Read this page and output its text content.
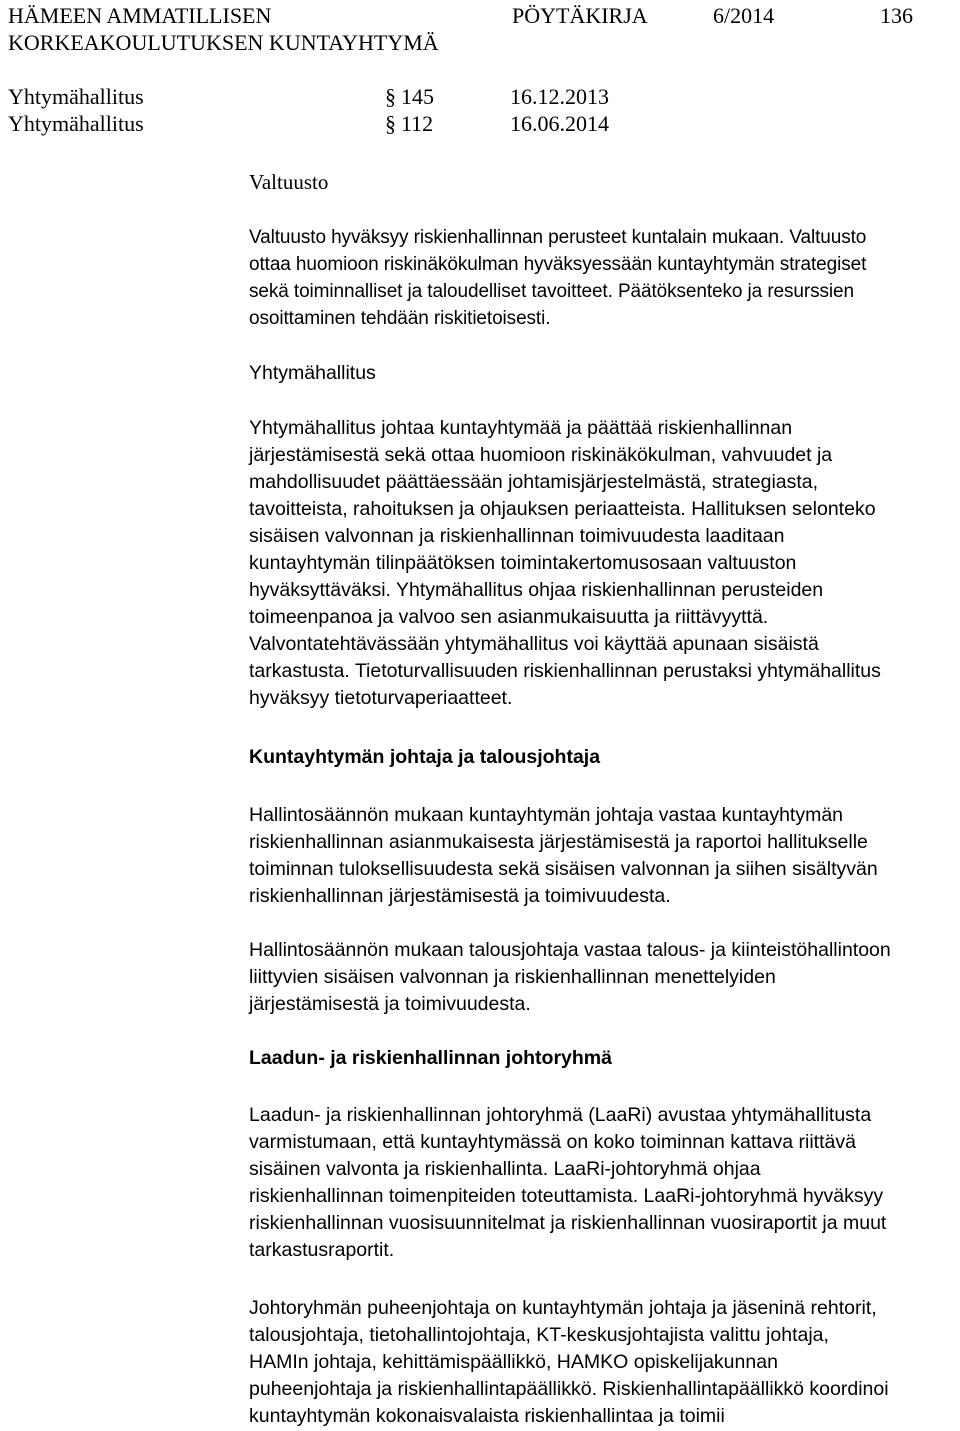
HÄMEEN AMMATILLISEN
KORKEAKOULUTUKSEN KUNTAYHTYMÄ
PÖYTÄKIRJA	6/2014	136
Yhtymähallitus	§ 145	16.12.2013
Yhtymähallitus	§ 112	16.06.2014
Valtuusto
Valtuusto hyväksyy riskienhallinnan perusteet kuntalain mukaan. Valtuusto
ottaa huomioon riskinäkökulman hyväksyessään kuntayhtymän strategiset
sekä toiminnalliset ja taloudelliset tavoitteet. Päätöksenteko ja resurssien
osoittaminen tehdään riskitietoisesti.
Yhtymähallitus
Yhtymähallitus johtaa kuntayhtymää ja päättää riskienhallinnan
järjestämisestä sekä ottaa huomioon riskinäkökulman, vahvuudet ja
mahdollisuudet päättäessään johtamisjärjestelmästä, strategiasta,
tavoitteista, rahoituksen ja ohjauksen periaatteista. Hallituksen selonteko
sisäisen valvonnan ja riskienhallinnan toimivuudesta laaditaan
kuntayhtymän tilinpäätöksen toimintakertomusosaan valtuuston
hyväksyttäväksi. Yhtymähallitus ohjaa riskienhallinnan perusteiden
toimeenpanoa ja valvoo sen asianmukaisuutta ja riittävyyttä.
Valvontatehtävässään yhtymähallitus voi käyttää apunaan sisäistä
tarkastusta. Tietoturvallisuuden riskienhallinnan perustaksi yhtymähallitus
hyväksyy tietoturvaperiaatteet.
Kuntayhtymän johtaja ja talousjohtaja
Hallintosäännön mukaan kuntayhtymän johtaja vastaa kuntayhtymän
riskienhallinnan asianmukaisesta järjestämisestä ja raportoi hallitukselle
toiminnan tuloksellisuudesta sekä sisäisen valvonnan ja siihen sisältyvän
riskienhallinnan järjestämisestä ja toimivuudesta.
Hallintosäännön mukaan talousjohtaja vastaa talous- ja kiinteistöhallintoon
liittyvien sisäisen valvonnan ja riskienhallinnan menettelyiden
järjestämisestä ja toimivuudesta.
Laadun- ja riskienhallinnan johtoryhmä
Laadun- ja riskienhallinnan johtoryhmä (LaaRi) avustaa yhtymähallitusta
varmistumaan, että kuntayhtymässä on koko toiminnan kattava riittävä
sisäinen valvonta ja riskienhallinta. LaaRi-johtoryhmä ohjaa
riskienhallinnan toimenpiteiden toteuttamista. LaaRi-johtoryhmä hyväksyy
riskienhallinnan vuosisuunnitelmat ja riskienhallinnan vuosiraportit ja muut
tarkastusraportit.
Johtoryhmän puheenjohtaja on kuntayhtymän johtaja ja jäseninä rehtorit,
talousjohtaja, tietohallintojohtaja, KT-keskusjohtajista valittu johtaja,
HAMIn johtaja, kehittämispäällikkö, HAMKO opiskelijakunnan
puheenjohtaja ja riskienhallintapäällikkö. Riskienhallintapäällikkö koordinoi
kuntayhtymän kokonaisvalaista riskienhallintaa ja toimii
